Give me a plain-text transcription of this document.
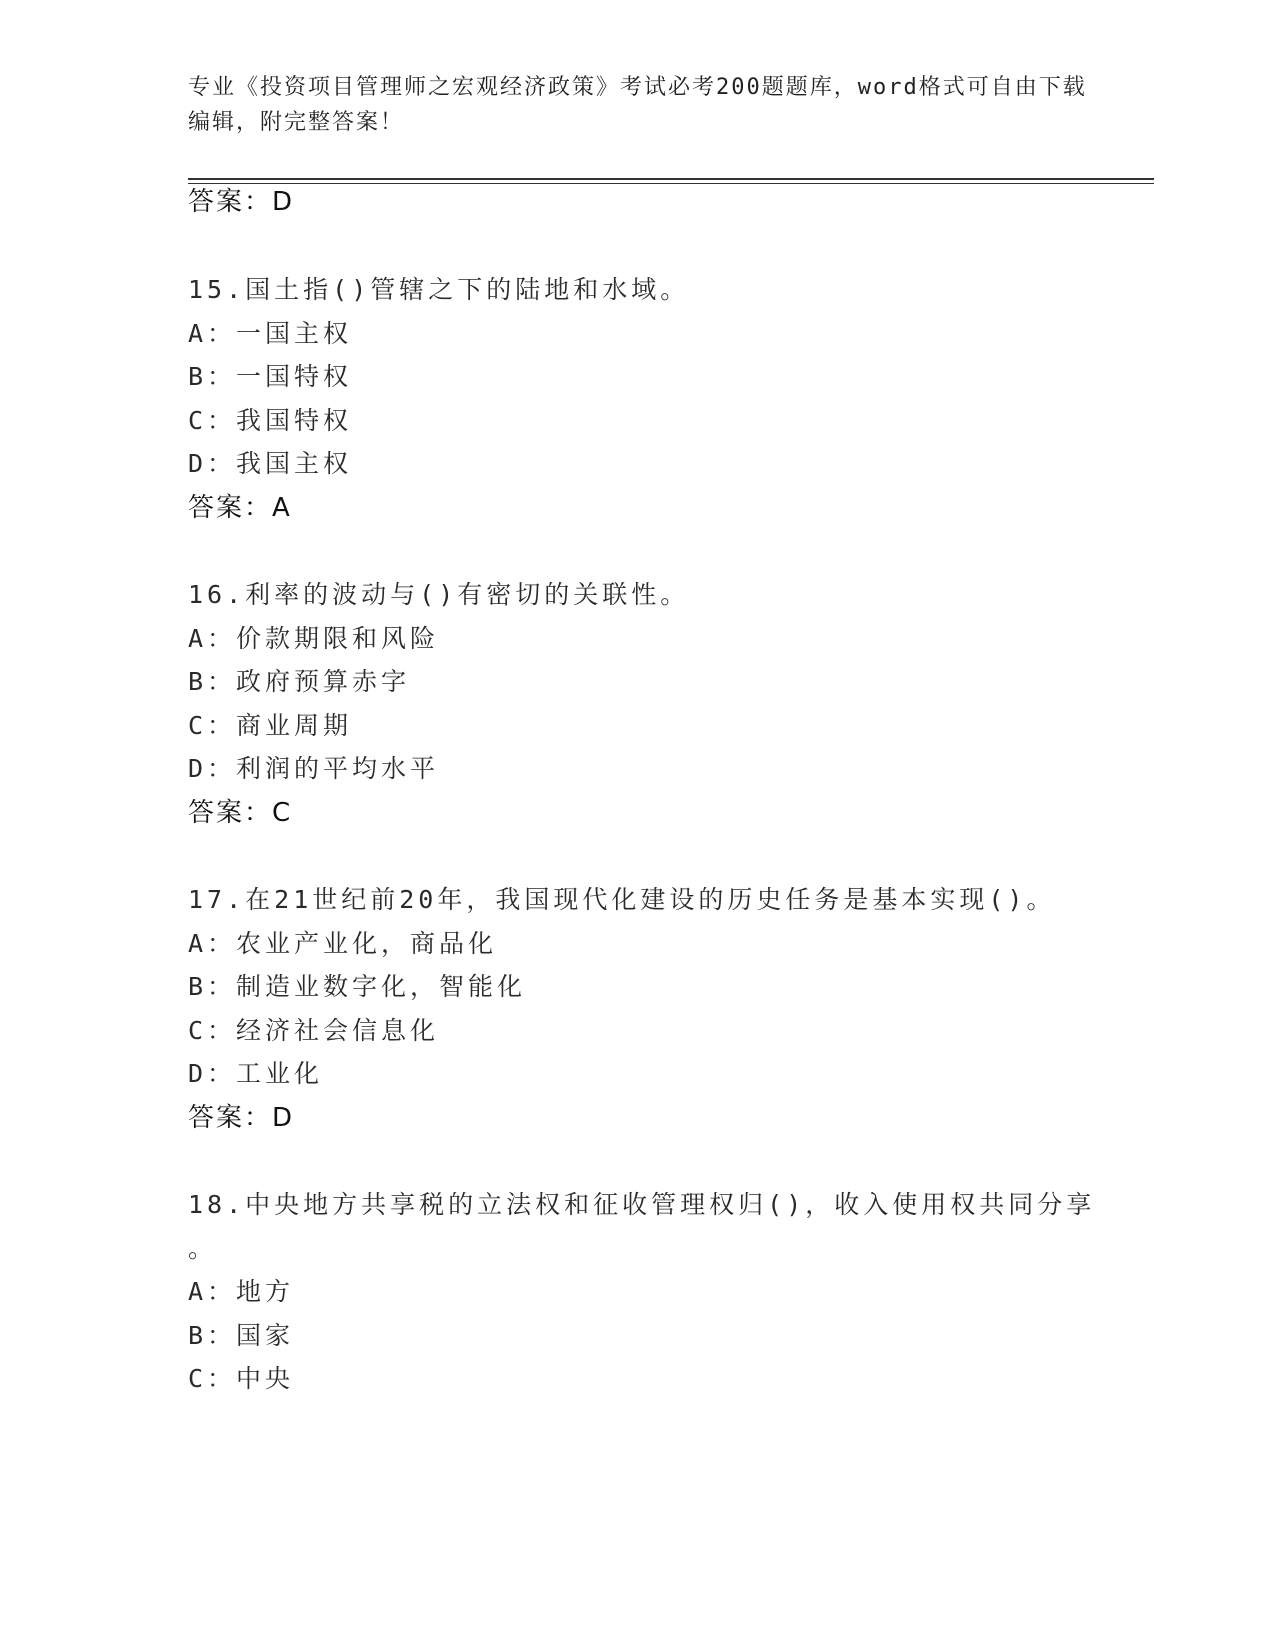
专业《投资项目管理师之宏观经济政策》考试必考200题题库，word格式可自由下载编辑，附完整答案！
答案：D
15.国土指()管辖之下的陆地和水域。
A：一国主权
B：一国特权
C：我国特权
D：我国主权
答案：A
16.利率的波动与()有密切的关联性。
A：价款期限和风险
B：政府预算赤字
C：商业周期
D：利润的平均水平
答案：C
17.在21世纪前20年，我国现代化建设的历史任务是基本实现()。
A：农业产业化，商品化
B：制造业数字化，智能化
C：经济社会信息化
D：工业化
答案：D
18.中央地方共享税的立法权和征收管理权归()，收入使用权共同分享
。
A：地方
B：国家
C：中央
